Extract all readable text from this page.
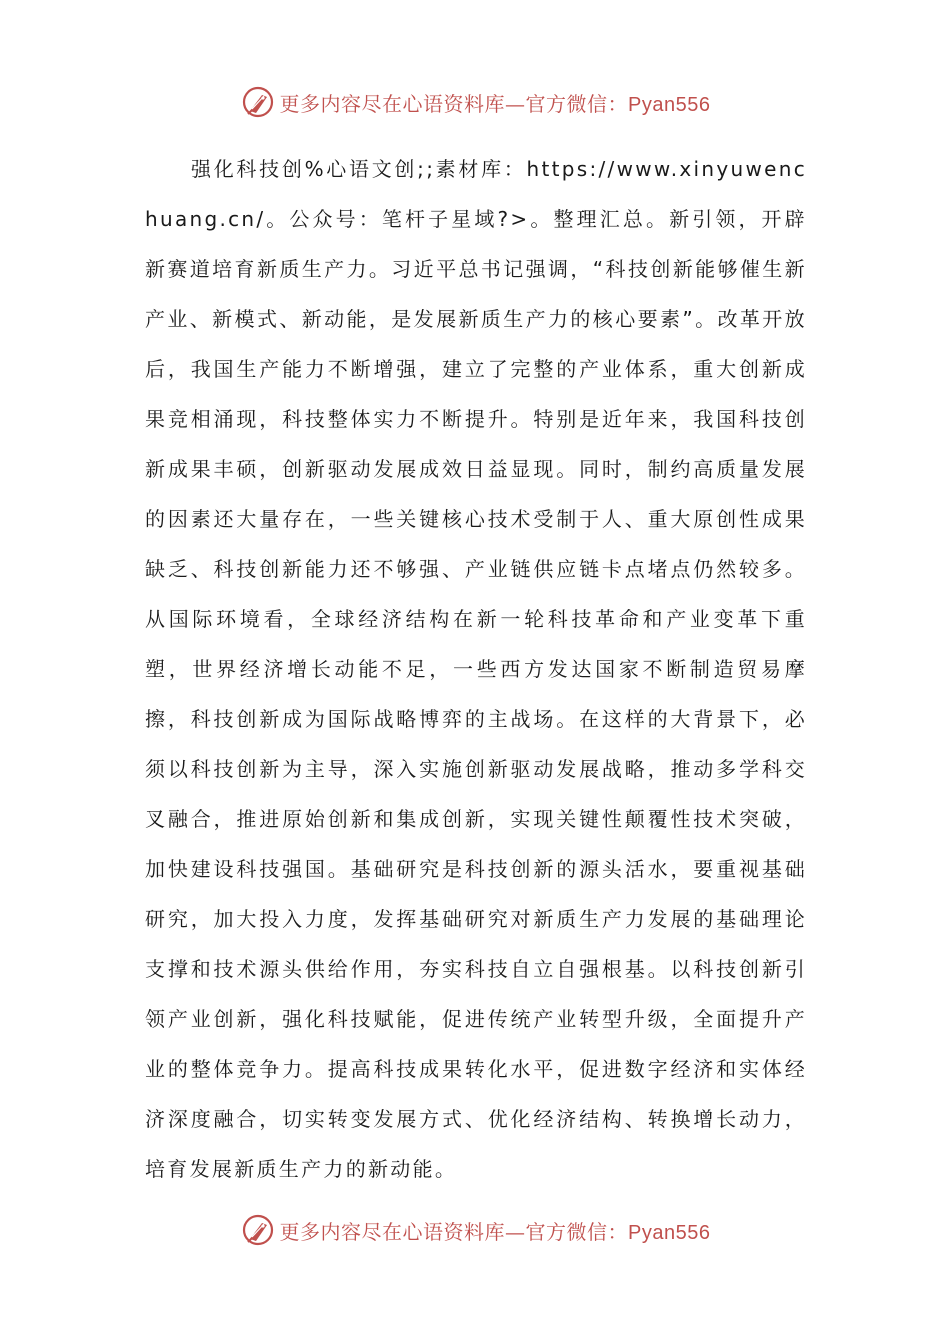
更多内容尽在心语资料库—官方微信：Pyan556
强化科技创%心语文创;;素材库：https://www.xinyuwenchuang.cn/。公众号：笔杆子星域?>。整理汇总。新引领，开辟新赛道培育新质生产力。习近平总书记强调，“科技创新能够催生新产业、新模式、新动能，是发展新质生产力的核心要素”。改革开放后，我国生产能力不断增强，建立了完整的产业体系，重大创新成果竞相涌现，科技整体实力不断提升。特别是近年来，我国科技创新成果丰硕，创新驱动发展成效日益显现。同时，制约高质量发展的因素还大量存在，一些关键核心技术受制于人、重大原创性成果缺乏、科技创新能力还不够强、产业链供应链卡点堵点仍然较多。从国际环境看，全球经济结构在新一轮科技革命和产业变革下重塑，世界经济增长动能不足，一些西方发达国家不断制造贸易摩擦，科技创新成为国际战略博弈的主战场。在这样的大背景下，必须以科技创新为主导，深入实施创新驱动发展战略，推动多学科交叉融合，推进原始创新和集成创新，实现关键性颠覆性技术突破，加快建设科技强国。基础研究是科技创新的源头活水，要重视基础研究，加大投入力度，发挥基础研究对新质生产力发展的基础理论支撑和技术源头供给作用，夯实科技自立自强根基。以科技创新引领产业创新，强化科技赋能，促进传统产业转型升级，全面提升产业的整体竞争力。提高科技成果转化水平，促进数字经济和实体经济深度融合，切实转变发展方式、优化经济结构、转换增长动力，培育发展新质生产力的新动能。
更多内容尽在心语资料库—官方微信：Pyan556
